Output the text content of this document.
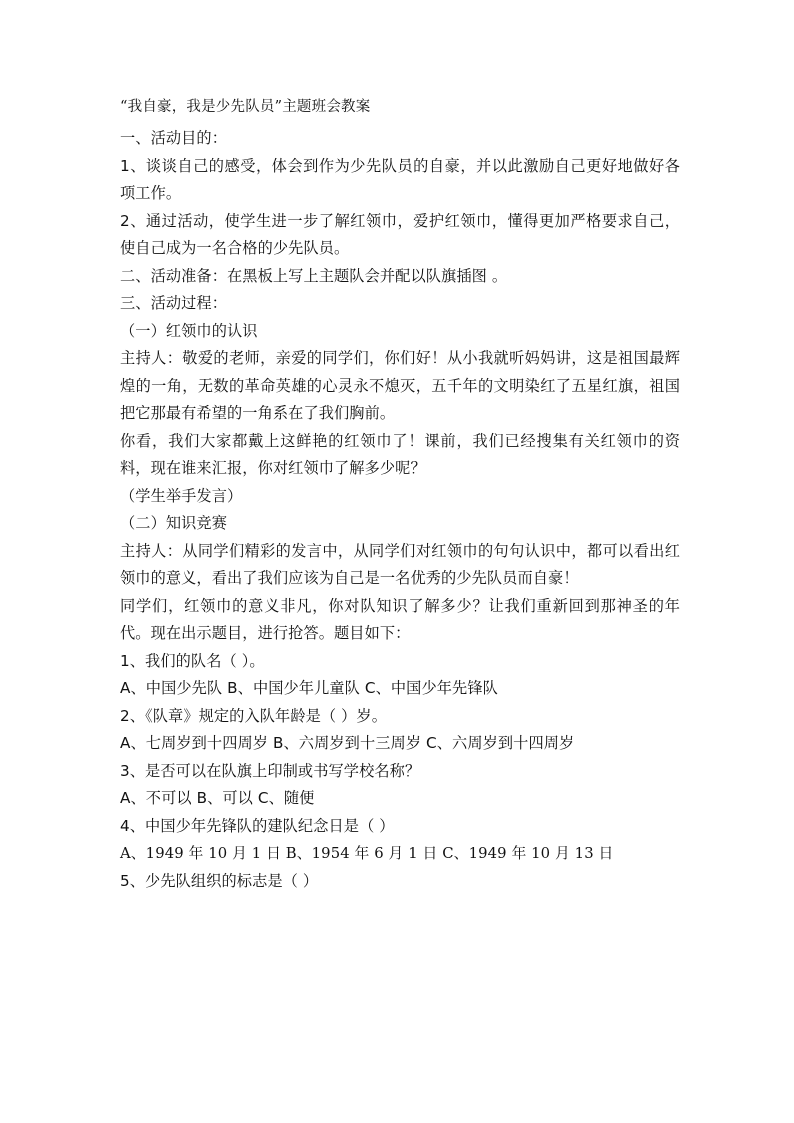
“我自豪，我是少先队员”主题班会教案

一、活动目的：

1、谈谈自己的感受，体会到作为少先队员的自豪，并以此激励自己更好地做好各项工作。

2、通过活动，使学生进一步了解红领巾，爱护红领巾，懂得更加严格要求自己，使自己成为一名合格的少先队员。

二、活动准备：在黑板上写上主题队会并配以队旗插图 。

三、活动过程：

（一）红领巾的认识

主持人：敬爱的老师，亲爱的同学们，你们好！从小我就听妈妈讲，这是祖国最辉煌的一角，无数的革命英雄的心灵永不熄灭，五千年的文明染红了五星红旗，祖国把它那最有希望的一角系在了我们胸前。

你看，我们大家都戴上这鲜艳的红领巾了！课前，我们已经搜集有关红领巾的资料，现在谁来汇报，你对红领巾了解多少呢？

（学生举手发言）

（二）知识竞赛

主持人：从同学们精彩的发言中，从同学们对红领巾的句句认识中，都可以看出红领巾的意义，看出了我们应该为自己是一名优秀的少先队员而自豪！

同学们，红领巾的意义非凡，你对队知识了解多少？让我们重新回到那神圣的年代。现在出示题目，进行抢答。题目如下：

1、我们的队名（ ）。

A、中国少先队 B、中国少年儿童队 C、中国少年先锋队

2、《队章》规定的入队年龄是（ ）岁。

A、七周岁到十四周岁 B、六周岁到十三周岁 C、六周岁到十四周岁

3、是否可以在队旗上印制或书写学校名称？

A、不可以 B、可以 C、随便

4、中国少年先锋队的建队纪念日是（ ）

A、1949 年 10 月 1 日 B、1954 年 6 月 1 日 C、1949 年 10 月 13 日

5、少先队组织的标志是（ ）
